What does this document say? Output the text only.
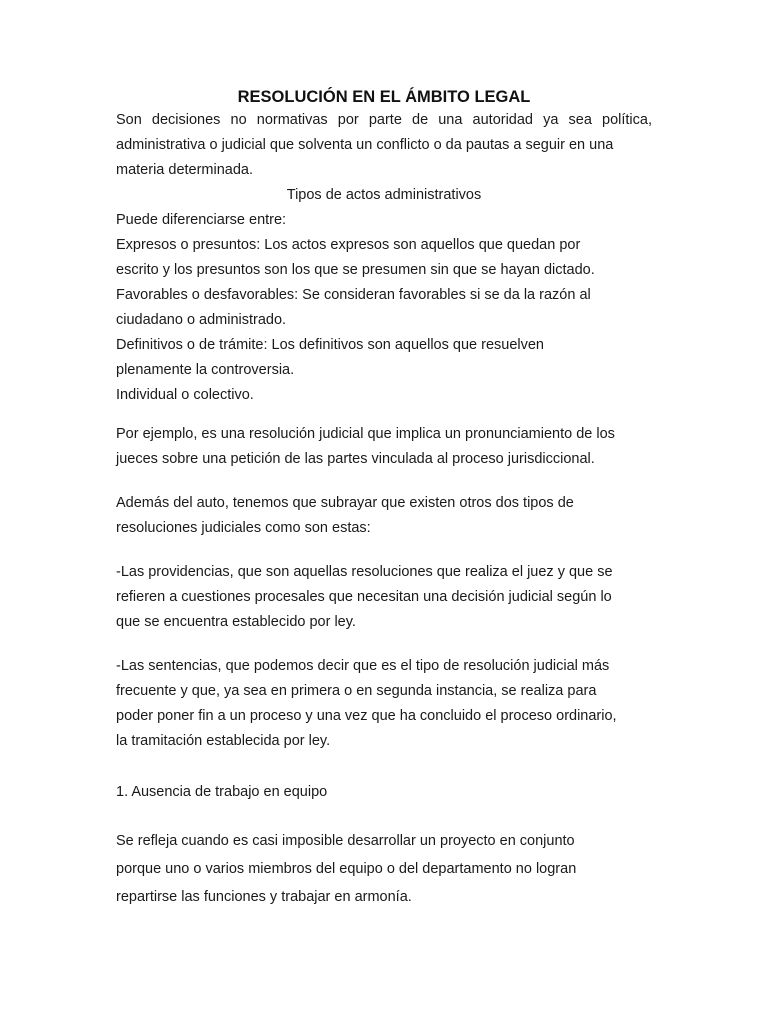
RESOLUCIÓN EN EL ÁMBITO LEGAL

Son decisiones no normativas por parte de una autoridad ya sea política,

administrativa o judicial que solventa un conflicto o da pautas a seguir en una

materia determinada.

Tipos de actos administrativos

Puede diferenciarse entre:

Expresos o presuntos: Los actos expresos son aquellos que quedan por

escrito y los presuntos son los que se presumen sin que se hayan dictado.

Favorables o desfavorables: Se consideran favorables si se da la razón al

ciudadano o administrado.

Definitivos o de trámite: Los definitivos son aquellos que resuelven

plenamente la controversia.

Individual o colectivo.

Por ejemplo, es una resolución judicial que implica un pronunciamiento de los

jueces sobre una petición de las partes vinculada al proceso jurisdiccional.

Además del auto, tenemos que subrayar que existen otros dos tipos de

resoluciones judiciales como son estas:

-Las providencias, que son aquellas resoluciones que realiza el juez y que se

refieren a cuestiones procesales que necesitan una decisión judicial según lo

que se encuentra establecido por ley.

-Las sentencias, que podemos decir que es el tipo de resolución judicial más

frecuente y que, ya sea en primera o en segunda instancia, se realiza para

poder poner fin a un proceso y una vez que ha concluido el proceso ordinario,

la tramitación establecida por ley.

1. Ausencia de trabajo en equipo

Se refleja cuando es casi imposible desarrollar un proyecto en conjunto

porque uno o varios miembros del equipo o del departamento no logran

repartirse las funciones y trabajar en armonía.
